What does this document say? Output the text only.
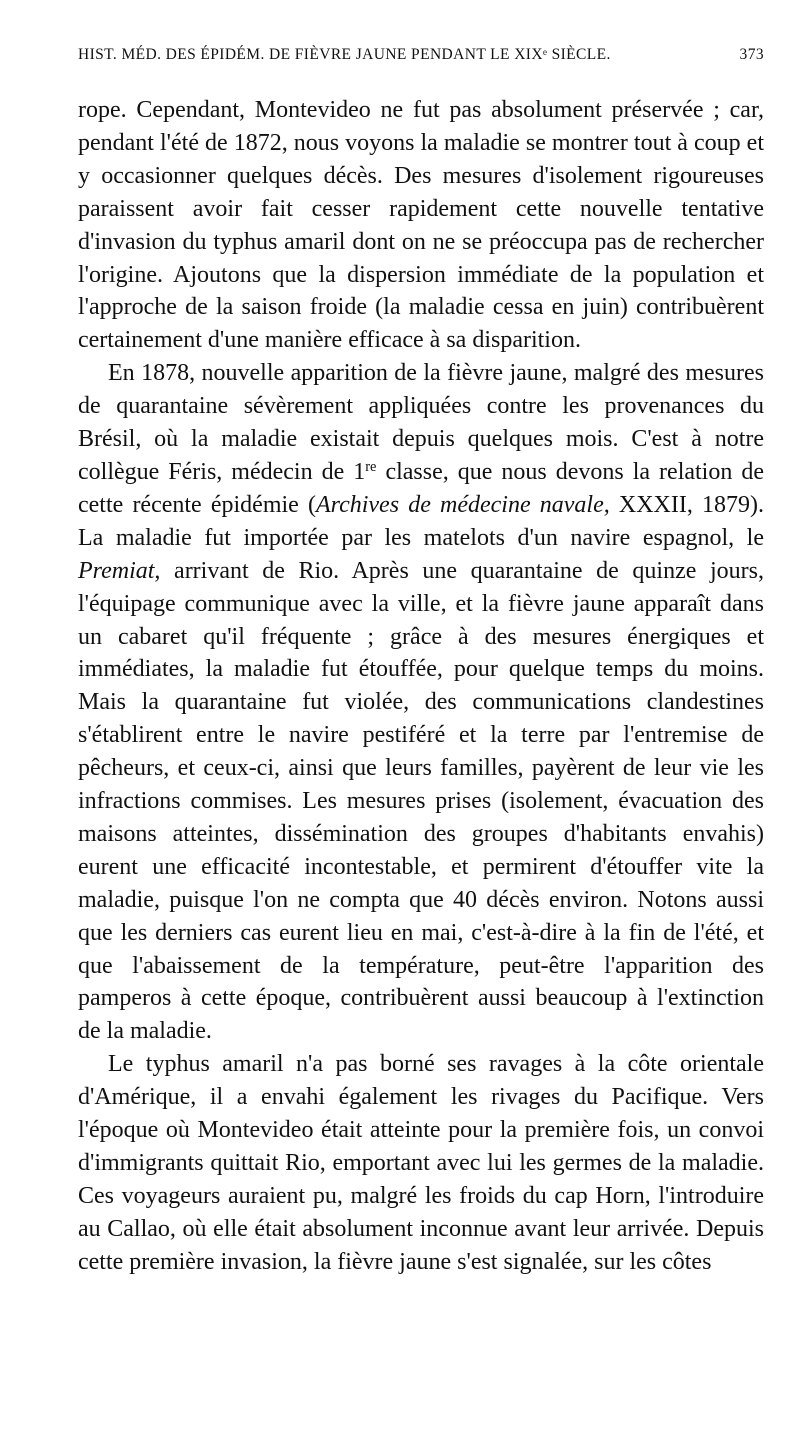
HIST. MÉD. DES ÉPIDÉM. DE FIÈVRE JAUNE PENDANT LE XIXᵉ SIÈCLE.	373

rope. Cependant, Montevideo ne fut pas absolument préservée ; car, pendant l'été de 1872, nous voyons la maladie se montrer tout à coup et y occasionner quelques décès. Des mesures d'isolement rigoureuses paraissent avoir fait cesser rapidement cette nouvelle tentative d'invasion du typhus amaril dont on ne se préoccupa pas de rechercher l'origine. Ajoutons que la dispersion immédiate de la population et l'approche de la saison froide (la maladie cessa en juin) contribuèrent certainement d'une manière efficace à sa disparition.

En 1878, nouvelle apparition de la fièvre jaune, malgré des mesures de quarantaine sévèrement appliquées contre les provenances du Brésil, où la maladie existait depuis quelques mois. C'est à notre collègue Féris, médecin de 1re classe, que nous devons la relation de cette récente épidémie (Archives de médecine navale, XXXII, 1879). La maladie fut importée par les matelots d'un navire espagnol, le Premiat, arrivant de Rio. Après une quarantaine de quinze jours, l'équipage communique avec la ville, et la fièvre jaune apparaît dans un cabaret qu'il fréquente ; grâce à des mesures énergiques et immédiates, la maladie fut étouffée, pour quelque temps du moins. Mais la quarantaine fut violée, des communications clandestines s'établirent entre le navire pestiféré et la terre par l'entremise de pêcheurs, et ceux-ci, ainsi que leurs familles, payèrent de leur vie les infractions commises. Les mesures prises (isolement, évacuation des maisons atteintes, dissémination des groupes d'habitants envahis) eurent une efficacité incontestable, et permirent d'étouffer vite la maladie, puisque l'on ne compta que 40 décès environ. Notons aussi que les derniers cas eurent lieu en mai, c'est-à-dire à la fin de l'été, et que l'abaissement de la température, peut-être l'apparition des pamperos à cette époque, contribuèrent aussi beaucoup à l'extinction de la maladie.

Le typhus amaril n'a pas borné ses ravages à la côte orientale d'Amérique, il a envahi également les rivages du Pacifique. Vers l'époque où Montevideo était atteinte pour la première fois, un convoi d'immigrants quittait Rio, emportant avec lui les germes de la maladie. Ces voyageurs auraient pu, malgré les froids du cap Horn, l'introduire au Callao, où elle était absolument inconnue avant leur arrivée. Depuis cette première invasion, la fièvre jaune s'est signalée, sur les côtes
